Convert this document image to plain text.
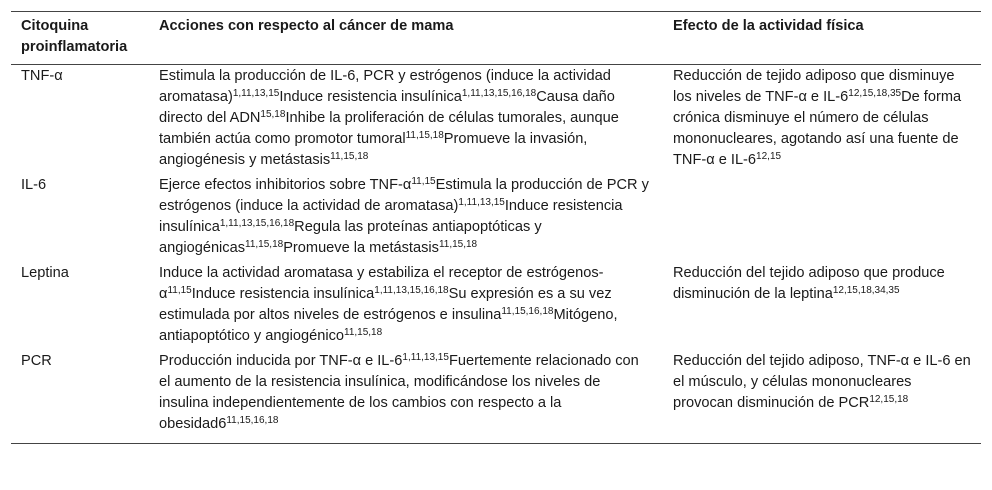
Citoquina proinflamatoria	Acciones con respecto al cáncer de mama	Efecto de la actividad física
TNF-α	Estimula la producción de IL-6, PCR y estrógenos (induce la actividad aromatasa)$^{1,11,13,15}$Induce resistencia insulínica$^{1,11,13,15,16,18}$Causa daño directo del ADN$^{15,18}$Inhibe la proliferación de células tumorales, aunque también actúa como promotor tumoral$^{11,15,18}$Promueve la invasión, angiogénesis y metástasis$^{11,15,18}$	Reducción de tejido adiposo que disminuye los niveles de TNF-α e IL-6$^{12,15,18,35}$De forma crónica disminuye el número de células mononucleares, agotando así una fuente de TNF-α e IL-6$^{12,15}$
IL-6	Ejerce efectos inhibitorios sobre TNF-$\alpha^{11,15}Estimula$ la producción de PCR y estrógenos (induce la actividad de aromatasa)$^{1,11,13,15}$Induce resistencia insulínica$^{1,11,13,15,16,18}$Regula las proteínas antiapoptóticas y angiogénicas$^{11,15,18}$Promueve la metástasis$^{11,15,18}$	
Leptina	Induce la actividad aromatasa y estabiliza el receptor de estrógenos-$\alpha^{11,15}Induce$ resistencia insulínica$^{1,11,13,15,16,18}$Su expresión es a su vez estimulada por altos niveles de estrógenos e insulina$^{11,15,16,18}$Mitógeno, antiapoptótico y angiogénico$^{11,15,18}$	Reducción del tejido adiposo que produce disminución de la leptina$^{12,15,18,34,35}$
PCR	Producción inducida por TNF-α e IL-6$^{1,11,13,15}$Fuertemente relacionado con el aumento de la resistencia insulínica, modificándose los niveles de insulina independientemente de los cambios con respecto a la obesidad6$^{11,15,16,18}$	Reducción del tejido adiposo, TNF-α e IL-6 en el músculo, y células mononucleares provocan disminución de PCR$^{12,15,18}$
